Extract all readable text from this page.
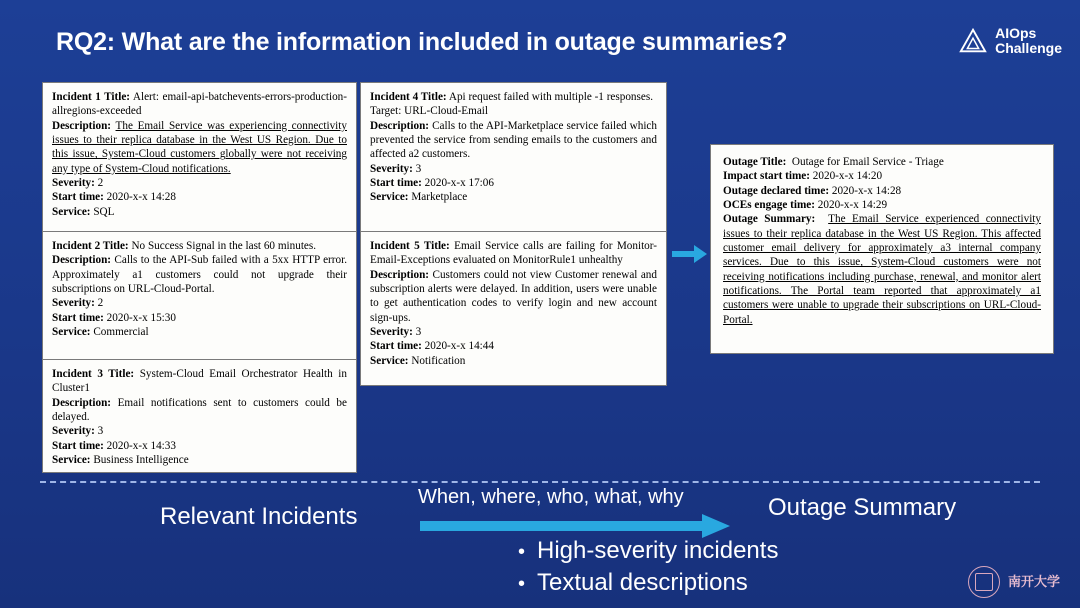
RQ2: What are the information included in outage summaries?	AIOps
Challenge

Incident 1 Title: Alert: email-api-batchevents-errors-production-allregions-exceeded

Description: The Email Service was experiencing connectivity issues to their replica database in the West US Region. Due to this issue, System-Cloud customers globally were not receiving any type of System-Cloud notifications.

Severity: 2

Start time: 2020-x-x 14:28

Service: SQL

Incident 2 Title: No Success Signal in the last 60 minutes.

Description: Calls to the API-Sub failed with a 5xx HTTP error. Approximately a1 customers could not upgrade their subscriptions on URL-Cloud-Portal.

Severity: 2

Start time: 2020-x-x 15:30

Service: Commercial

Incident 3 Title: System-Cloud Email Orchestrator Health in Cluster1

Description: Email notifications sent to customers could be delayed.

Severity: 3

Start time: 2020-x-x 14:33

Service: Business Intelligence

Incident 4 Title: Api request failed with multiple -1 responses.

Target: URL-Cloud-Email

Description: Calls to the API-Marketplace service failed which prevented the service from sending emails to the customers and affected a2 customers.

Severity: 3

Start time: 2020-x-x 17:06

Service: Marketplace

Incident 5 Title: Email Service calls are failing for Monitor-Email-Exceptions evaluated on MonitorRule1 unhealthy

Description: Customers could not view Customer renewal and subscription alerts were delayed. In addition, users were unable to get authentication codes to verify login and new account sign-ups.

Severity: 3

Start time: 2020-x-x 14:44

Service: Notification

Outage Title: Outage for Email Service - Triage

Impact start time: 2020-x-x 14:20

Outage declared time: 2020-x-x 14:28

OCEs engage time: 2020-x-x 14:29

Outage Summary: The Email Service experienced connectivity issues to their replica database in the West US Region. This affected customer email delivery for approximately a3 internal company services. Due to this issue, System-Cloud customers were not receiving notifications including purchase, renewal, and monitor alert notifications. The Portal team reported that approximately a1 customers were unable to upgrade their subscriptions on URL-Cloud-Portal.

Relevant Incidents
When, where, who, what, why	Outage Summary
• High-severity incidents
• Textual descriptions	南开大学
